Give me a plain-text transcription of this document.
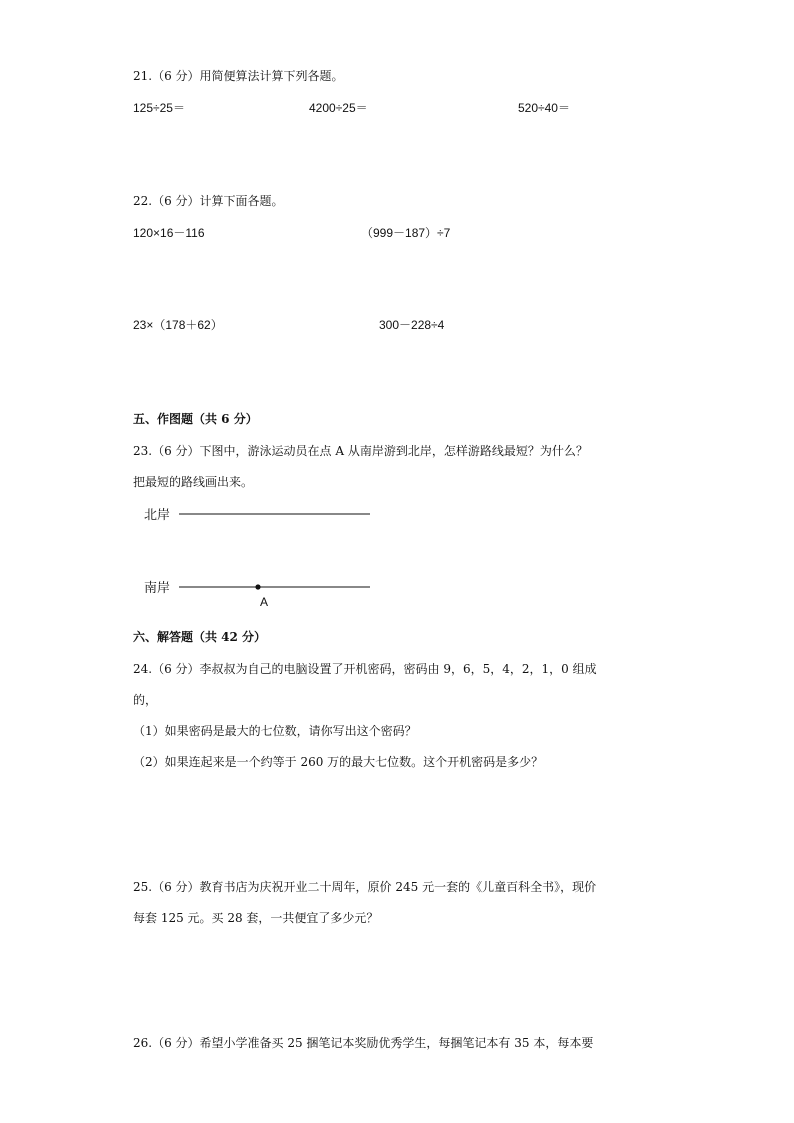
21.（6 分）用简便算法计算下列各题。
125÷25＝	4200÷25＝	520÷40＝
22.（6 分）计算下面各题。
120×16－116	（999－187）÷7
23×（178＋62）	300－228÷4
五、作图题（共 6 分）
23.（6 分）下图中，游泳运动员在点 A 从南岸游到北岸，怎样游路线最短？为什么？
把最短的路线画出来。
北岸
南岸
A
六、解答题（共 42 分）
24.（6 分）李叔叔为自己的电脑设置了开机密码，密码由 9，6，5，4，2，1，0 组成
的，
（1）如果密码是最大的七位数，请你写出这个密码？
（2）如果连起来是一个约等于 260 万的最大七位数。这个开机密码是多少？
25.（6 分）教育书店为庆祝开业二十周年，原价 245 元一套的《儿童百科全书》，现价
每套 125 元。买 28 套，一共便宜了多少元？
26.（6 分）希望小学准备买 25 捆笔记本奖励优秀学生，每捆笔记本有 35 本，每本要
